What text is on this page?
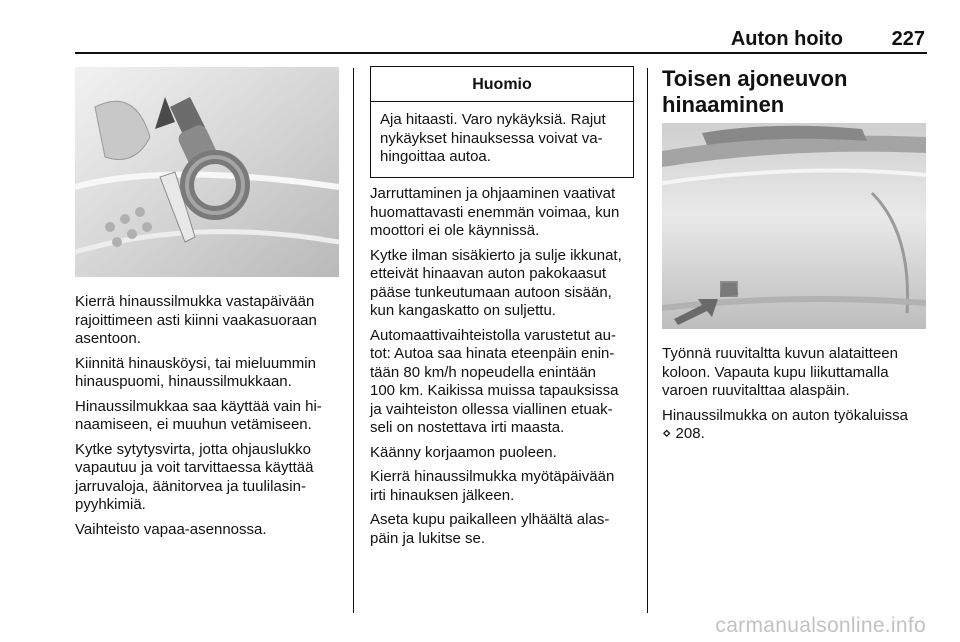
Auton hoito 227

Kierrä hinaussilmukka vastapäivään
rajoittimeen asti kiinni vaakasuoraan
asentoon.

Kiinnitä hinausköysi, tai mieluummin
hinauspuomi, hinaussilmukkaan.

Hinaussilmukkaa saa käyttää vain hi-
naamiseen, ei muuhun vetämiseen.

Kytke sytytysvirta, jotta ohjauslukko
vapautuu ja voit tarvittaessa käyttää
jarruvaloja, äänitorvea ja tuulilasin-
pyyhkimiä.

Vaihteisto vapaa-asennossa.

Huomio
Aja hitaasti. Varo nykäyksiä. Rajut
nykäykset hinauksessa voivat va-
hingoittaa autoa.

Jarruttaminen ja ohjaaminen vaativat
huomattavasti enemmän voimaa, kun
moottori ei ole käynnissä.

Kytke ilman sisäkierto ja sulje ikkunat,
etteivät hinaavan auton pakokaasut
pääse tunkeutumaan autoon sisään,
kun kangaskatto on suljettu.

Automaattivaihteistolla varustetut au-
tot: Autoa saa hinata eteenpäin enin-
tään 80 km/h nopeudella enintään
100 km. Kaikissa muissa tapauksissa
ja vaihteiston ollessa viallinen etuak-
seli on nostettava irti maasta.

Käänny korjaamon puoleen.

Kierrä hinaussilmukka myötäpäivään
irti hinauksen jälkeen.

Aseta kupu paikalleen ylhäältä alas-
päin ja lukitse se.

Toisen ajoneuvon
hinaaminen

Työnnä ruuvitaltta kuvun alataitteen
koloon. Vapauta kupu liikuttamalla
varoen ruuvitalttaa alaspäin.

Hinaussilmukka on auton työkaluissa
⋄ 208.

carmanualsonline.info
